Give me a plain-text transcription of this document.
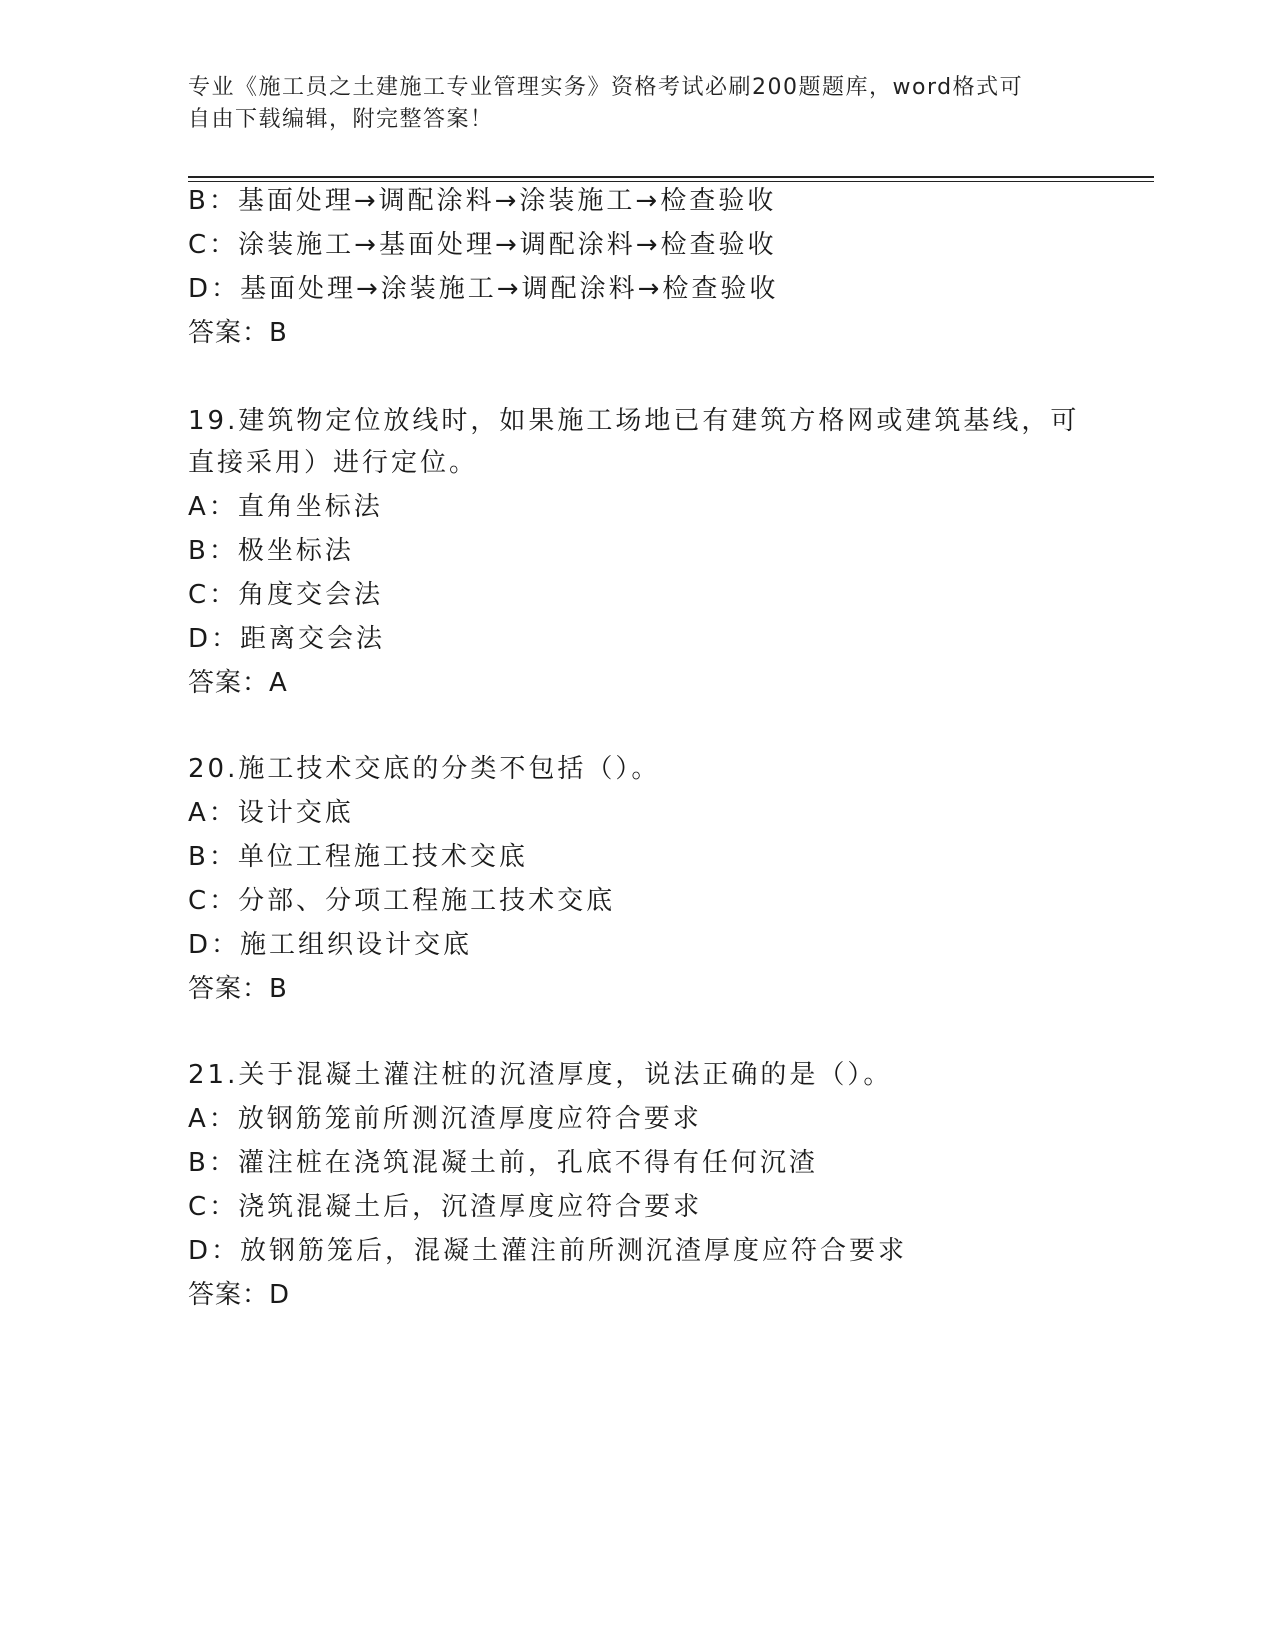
专业《施工员之土建施工专业管理实务》资格考试必刷200题题库，word格式可
自由下载编辑，附完整答案！
B：基面处理→调配涂料→涂装施工→检查验收
C：涂装施工→基面处理→调配涂料→检查验收
D：基面处理→涂装施工→调配涂料→检查验收
答案：B
19.建筑物定位放线时，如果施工场地已有建筑方格网或建筑基线，可
直接采用）进行定位。
A：直角坐标法
B：极坐标法
C：角度交会法
D：距离交会法
答案：A
20.施工技术交底的分类不包括（）。
A：设计交底
B：单位工程施工技术交底
C：分部、分项工程施工技术交底
D：施工组织设计交底
答案：B
21.关于混凝土灌注桩的沉渣厚度，说法正确的是（）。
A：放钢筋笼前所测沉渣厚度应符合要求
B：灌注桩在浇筑混凝土前，孔底不得有任何沉渣
C：浇筑混凝土后，沉渣厚度应符合要求
D：放钢筋笼后，混凝土灌注前所测沉渣厚度应符合要求
答案：D
